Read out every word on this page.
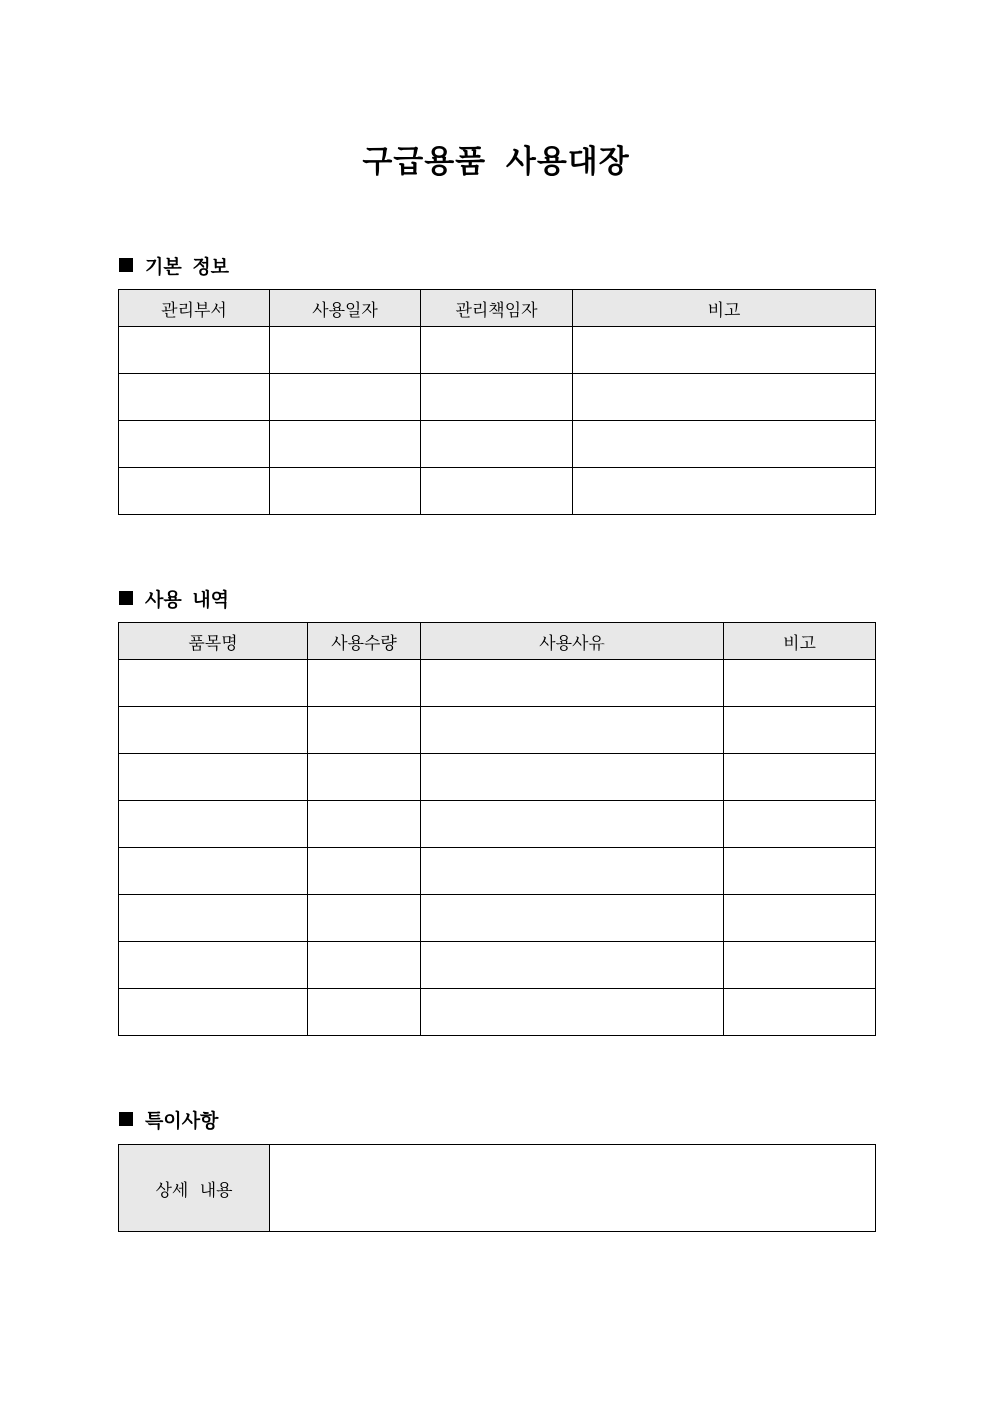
구급용품 사용대장
기본 정보
관리부서	사용일자	관리책임자	비고

사용 내역
품목명	사용수량	사용사유	비고

특이사항
상세 내용	
